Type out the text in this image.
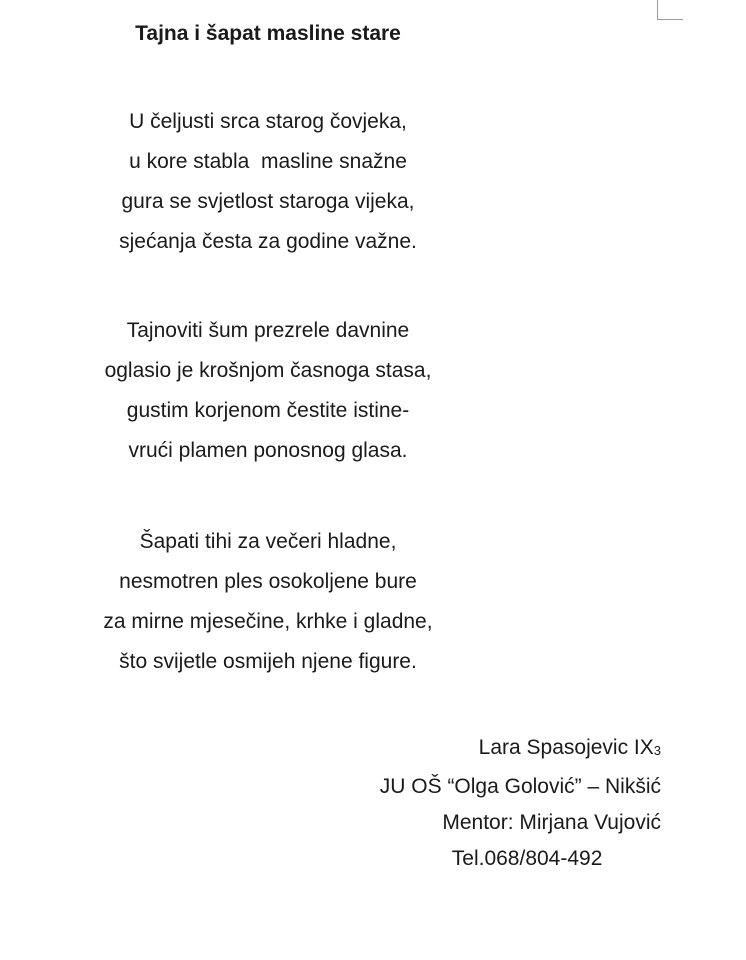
Tajna i šapat masline stare
U čeljusti srca starog čovjeka,
u kore stabla  masline snažne
gura se svjetlost staroga vijeka,
sjećanja česta za godine važne.
Tajnoviti šum prezrele davnine
oglasio je krošnjom časnoga stasa,
gustim korjenom čestite istine-
vrući plamen ponosnog glasa.
Šapati tihi za večeri hladne,
nesmotren ples osokoljene bure
za mirne mjesečine, krhke i gladne,
što svijetle osmijeh njene figure.
Lara Spasojevic $IX_3$
JU OŠ “Olga Golović” – Nikšić
Mentor: Mirjana Vujović
Tel.068/804-492
